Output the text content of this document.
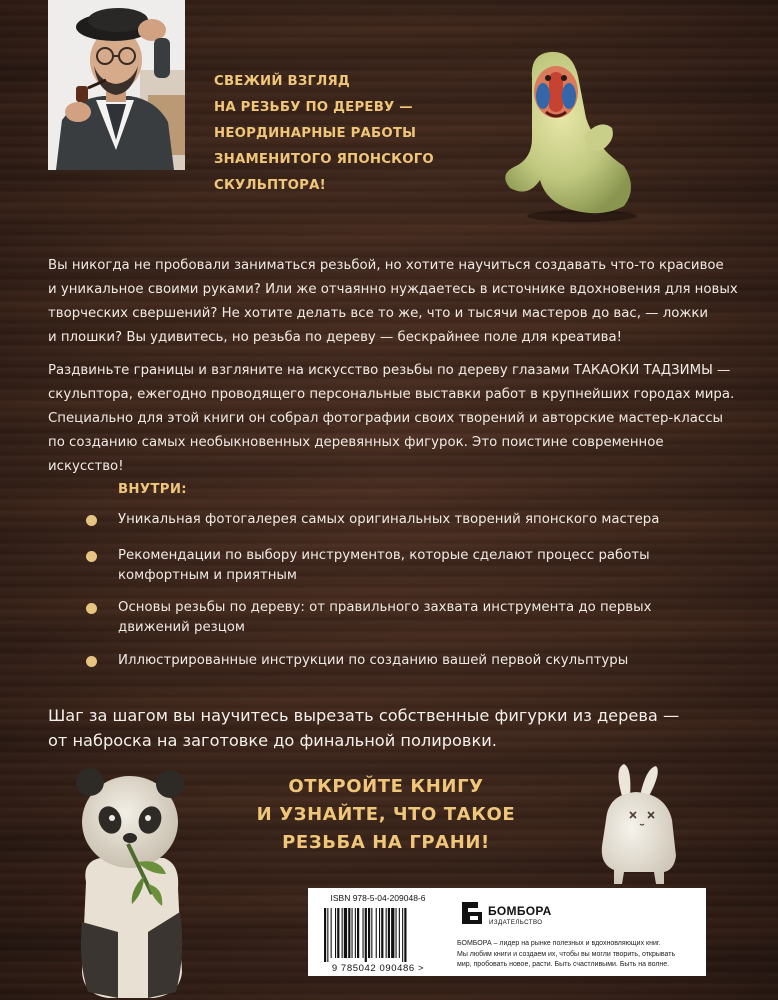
СВЕЖИЙ ВЗГЛЯД
НА РЕЗЬБУ ПО ДЕРЕВУ —
НЕОРДИНАРНЫЕ РАБОТЫ
ЗНАМЕНИТОГО ЯПОНСКОГО
СКУЛЬПТОРА!
Вы никогда не пробовали заниматься резьбой, но хотите научиться создавать что-то красивое
и уникальное своими руками? Или же отчаянно нуждаетесь в источнике вдохновения для новых
творческих свершений? Не хотите делать все то же, что и тысячи мастеров до вас, — ложки
и плошки? Вы удивитесь, но резьба по дереву — бескрайнее поле для креатива!
Раздвиньте границы и взгляните на искусство резьбы по дереву глазами ТАКАОКИ ТАДЗИМЫ —
скульптора, ежегодно проводящего персональные выставки работ в крупнейших городах мира.
Специально для этой книги он собрал фотографии своих творений и авторские мастер-классы
по созданию самых необыкновенных деревянных фигурок. Это поистине современное искусство!
ВНУТРИ:
Уникальная фотогалерея самых оригинальных творений японского мастера
Рекомендации по выбору инструментов, которые сделают процесс работы
комфортным и приятным
Основы резьбы по дереву: от правильного захвата инструмента до первых
движений резцом
Иллюстрированные инструкции по созданию вашей первой скульптуры
Шаг за шагом вы научитесь вырезать собственные фигурки из дерева —
от наброска на заготовке до финальной полировки.
ОТКРОЙТЕ КНИГУ
И УЗНАЙТЕ, ЧТО ТАКОЕ
РЕЗЬБА НА ГРАНИ!
ISBN 978-5-04-209048-6
9 785042 090486 >
БОМБОРА
ИЗДАТЕЛЬСТВО
БОМБОРА – лидер на рынке полезных и вдохновляющих книг.
Мы любим книги и создаем их, чтобы вы могли творить, открывать
мир, пробовать новое, расти. Быть счастливыми. Быть на волне.
